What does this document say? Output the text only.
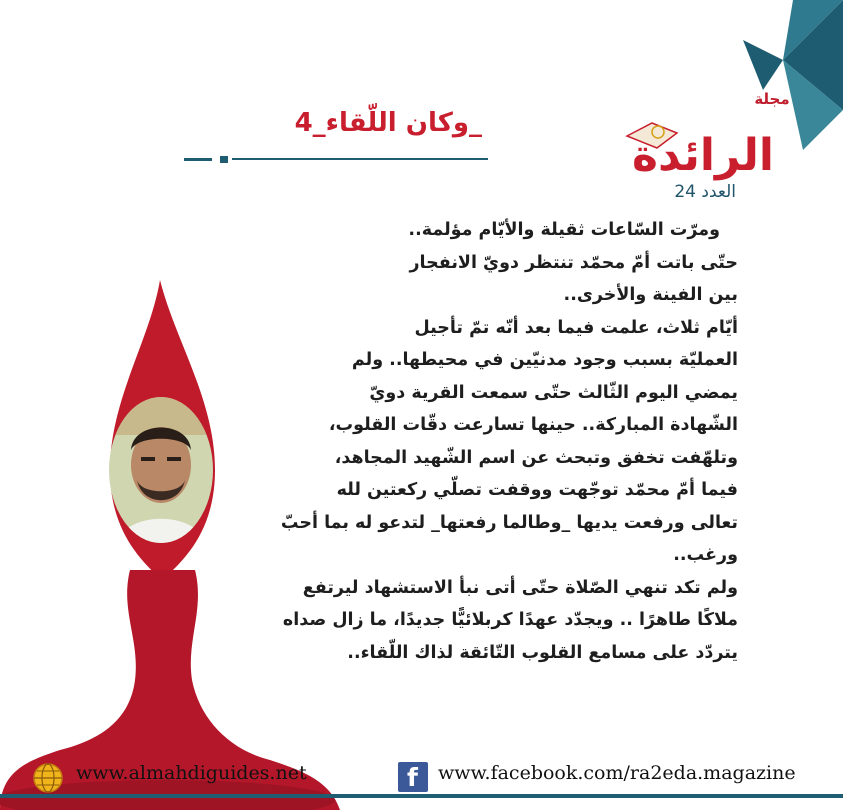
مجلة
الرائدة
وكان اللّقاء_4_
العدد 24

ومرّت السّاعات ثقيلة والأيّام مؤلمة..

حتّى باتت أمّ محمّد تنتظر دويّ الانفجار

بين الفينة والأخرى..

أيّام ثلاث، علمت فيما بعد أنّه تمّ تأجيل

العمليّة بسبب وجود مدنيّين في محيطها.. ولم

يمضي اليوم الثّالث حتّى سمعت القرية دويّ

الشّهادة المباركة.. حينها تسارعت دقّات القلوب،

وتلهّفت تخفق وتبحث عن اسم الشّهيد المجاهد،

فيما أمّ محمّد توجّهت ووقفت تصلّي ركعتين لله

تعالى ورفعت يديها _وطالما رفعتها_ لتدعو له بما أحبّ

ورغب..

ولم تكد تنهي الصّلاة حتّى أتى نبأ الاستشهاد ليرتفع

ملاكًا طاهرًا .. ويجدّد عهدًا كربلائيًّا جديدًا، ما زال صداه

يتردّد على مسامع القلوب التّائقة لذاك اللّقاء..

www.almahdiguides.net	f www.facebook.com/ra2eda.magazine
